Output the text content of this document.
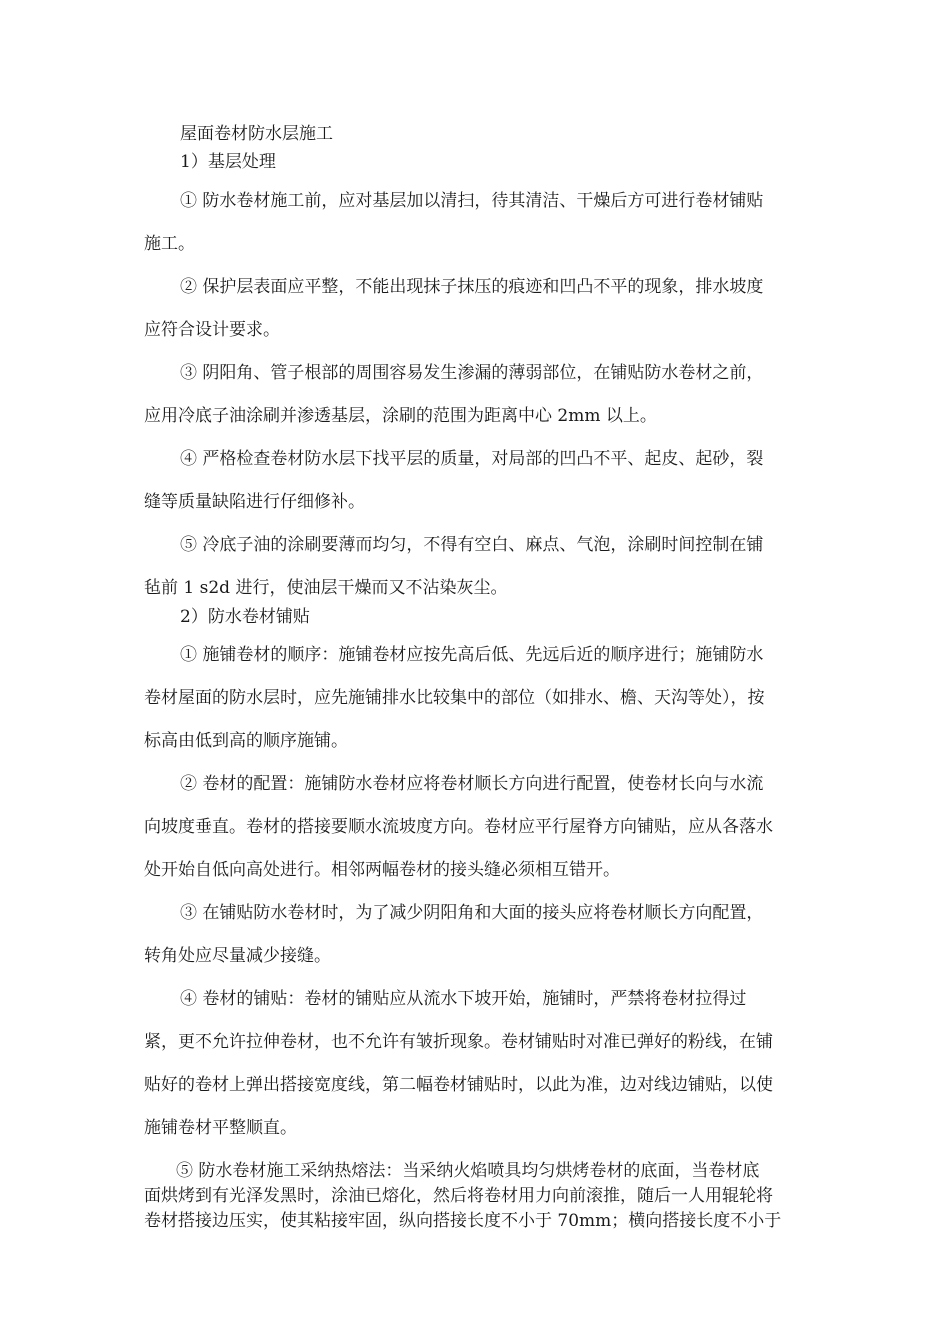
屋面卷材防水层施工
1）基层处理
① 防水卷材施工前，应对基层加以清扫，待其清洁、干燥后方可进行卷材铺贴
施工。
② 保护层表面应平整，不能出现抹子抹压的痕迹和凹凸不平的现象，排水坡度
应符合设计要求。
③ 阴阳角、管子根部的周围容易发生渗漏的薄弱部位，在铺贴防水卷材之前，
应用冷底子油涂刷并渗透基层，涂刷的范围为距离中心 2mm 以上。
④ 严格检查卷材防水层下找平层的质量，对局部的凹凸不平、起皮、起砂，裂
缝等质量缺陷进行仔细修补。
⑤ 冷底子油的涂刷要薄而均匀，不得有空白、麻点、气泡，涂刷时间控制在铺
毡前 1 s2d 进行，使油层干燥而又不沾染灰尘。
2）防水卷材铺贴
① 施铺卷材的顺序：施铺卷材应按先高后低、先远后近的顺序进行；施铺防水
卷材屋面的防水层时，应先施铺排水比较集中的部位（如排水、檐、天沟等处），按
标高由低到高的顺序施铺。
② 卷材的配置：施铺防水卷材应将卷材顺长方向进行配置，使卷材长向与水流
向坡度垂直。卷材的搭接要顺水流坡度方向。卷材应平行屋脊方向铺贴，应从各落水
处开始自低向高处进行。相邻两幅卷材的接头缝必须相互错开。
③ 在铺贴防水卷材时，为了减少阴阳角和大面的接头应将卷材顺长方向配置，
转角处应尽量减少接缝。
④ 卷材的铺贴：卷材的铺贴应从流水下坡开始，施铺时，严禁将卷材拉得过
紧，更不允许拉伸卷材，也不允许有皱折现象。卷材铺贴时对准已弹好的粉线，在铺
贴好的卷材上弹出搭接宽度线，第二幅卷材铺贴时，以此为准，边对线边铺贴，以使
施铺卷材平整顺直。
⑤ 防水卷材施工采纳热熔法：当采纳火焰喷具均匀烘烤卷材的底面，当卷材底
面烘烤到有光泽发黑时，涂油已熔化，然后将卷材用力向前滚推，随后一人用辊轮将
卷材搭接边压实，使其粘接牢固，纵向搭接长度不小于 70mm；横向搭接长度不小于
